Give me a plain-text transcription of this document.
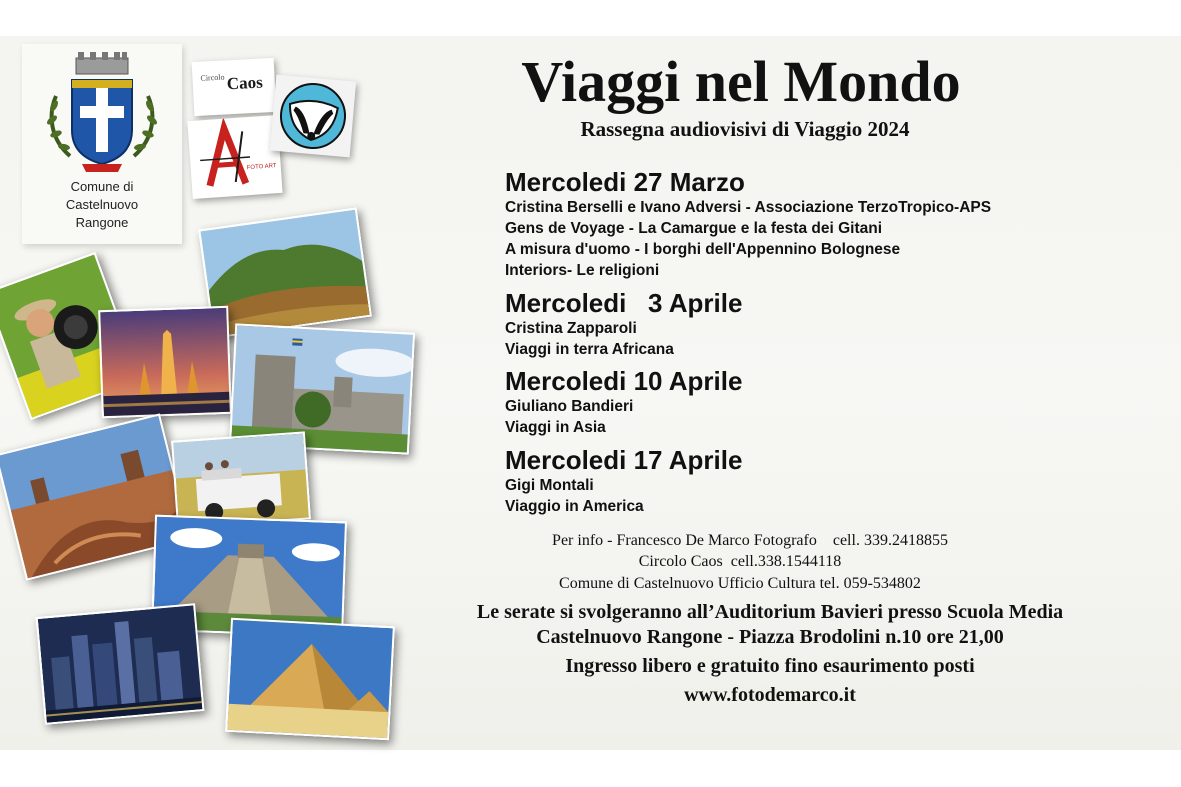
Comune di
Castelnuovo
Rangone
Circolo Caos
FOTO ART
Viaggi nel Mondo
Rassegna audiovisivi di Viaggio 2024
Mercoledi 27 Marzo
Cristina Berselli e Ivano Adversi - Associazione TerzoTropico-APS
Gens de Voyage - La Camargue e la festa dei Gitani
A misura d'uomo - I borghi dell'Appennino Bolognese
Interiors- Le religioni
Mercoledi   3 Aprile
Cristina Zapparoli
Viaggi in terra Africana
Mercoledi 10 Aprile
Giuliano Bandieri
Viaggi in Asia
Mercoledi 17 Aprile
Gigi Montali
Viaggio in America
Per info - Francesco De Marco Fotografo    cell. 339.2418855
Circolo Caos  cell.338.1544118
Comune di Castelnuovo Ufficio Cultura tel. 059-534802
Le serate si svolgeranno all’Auditorium Bavieri presso Scuola Media
Castelnuovo Rangone - Piazza Brodolini n.10 ore 21,00
Ingresso libero e gratuito fino esaurimento posti
www.fotodemarco.it
